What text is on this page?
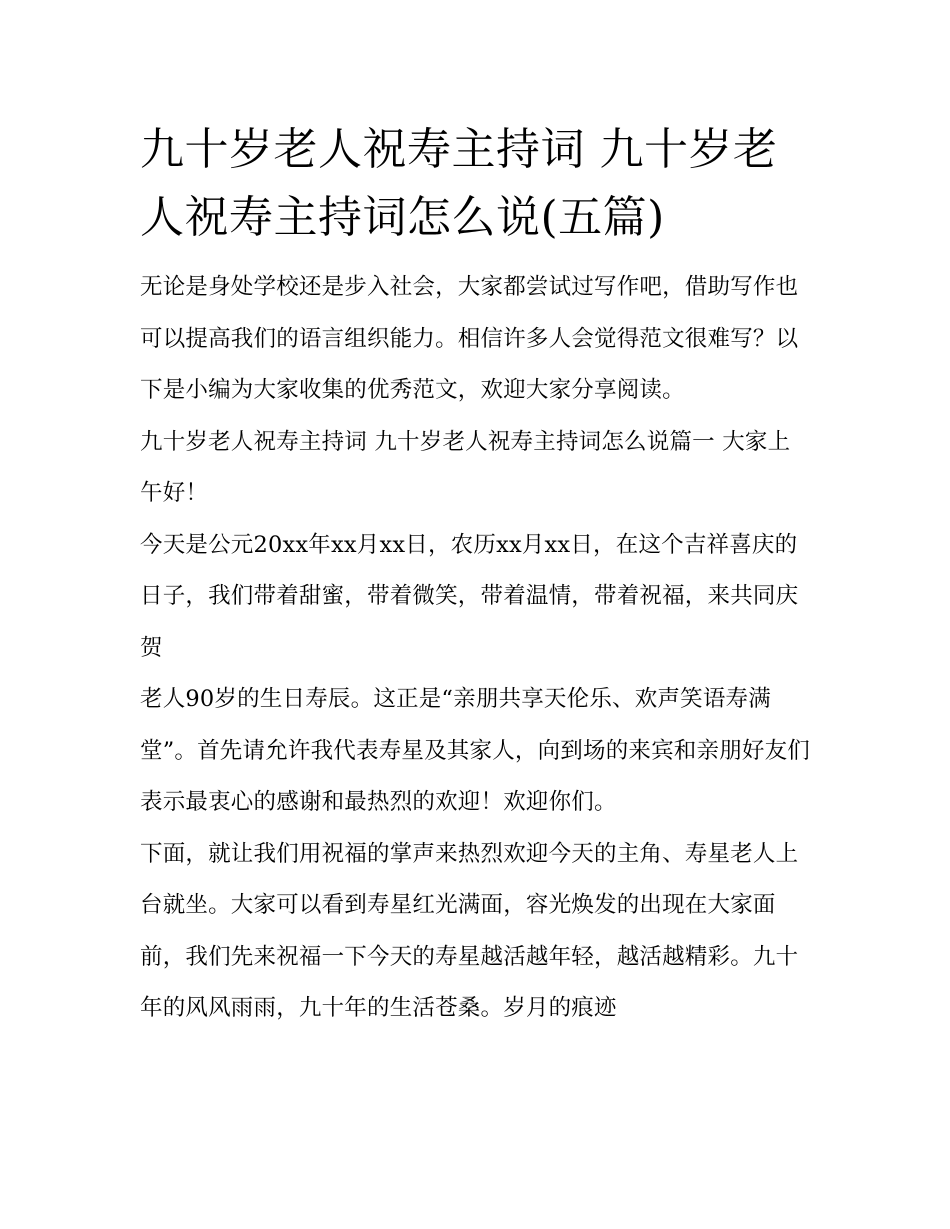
九十岁老人祝寿主持词 九十岁老人祝寿主持词怎么说(五篇)

无论是身处学校还是步入社会，大家都尝试过写作吧，借助写作也可以提高我们的语言组织能力。相信许多人会觉得范文很难写？以下是小编为大家收集的优秀范文，欢迎大家分享阅读。

九十岁老人祝寿主持词 九十岁老人祝寿主持词怎么说篇一 大家上午好！

今天是公元20xx年xx月xx日，农历xx月xx日，在这个吉祥喜庆的日子，我们带着甜蜜，带着微笑，带着温情，带着祝福，来共同庆贺

老人90岁的生日寿辰。这正是“亲朋共享天伦乐、欢声笑语寿满堂”。首先请允许我代表寿星及其家人，向到场的来宾和亲朋好友们表示最衷心的感谢和最热烈的欢迎！欢迎你们。

下面，就让我们用祝福的掌声来热烈欢迎今天的主角、寿星老人上台就坐。大家可以看到寿星红光满面，容光焕发的出现在大家面前，我们先来祝福一下今天的寿星越活越年轻，越活越精彩。九十年的风风雨雨，九十年的生活苍桑。岁月的痕迹
